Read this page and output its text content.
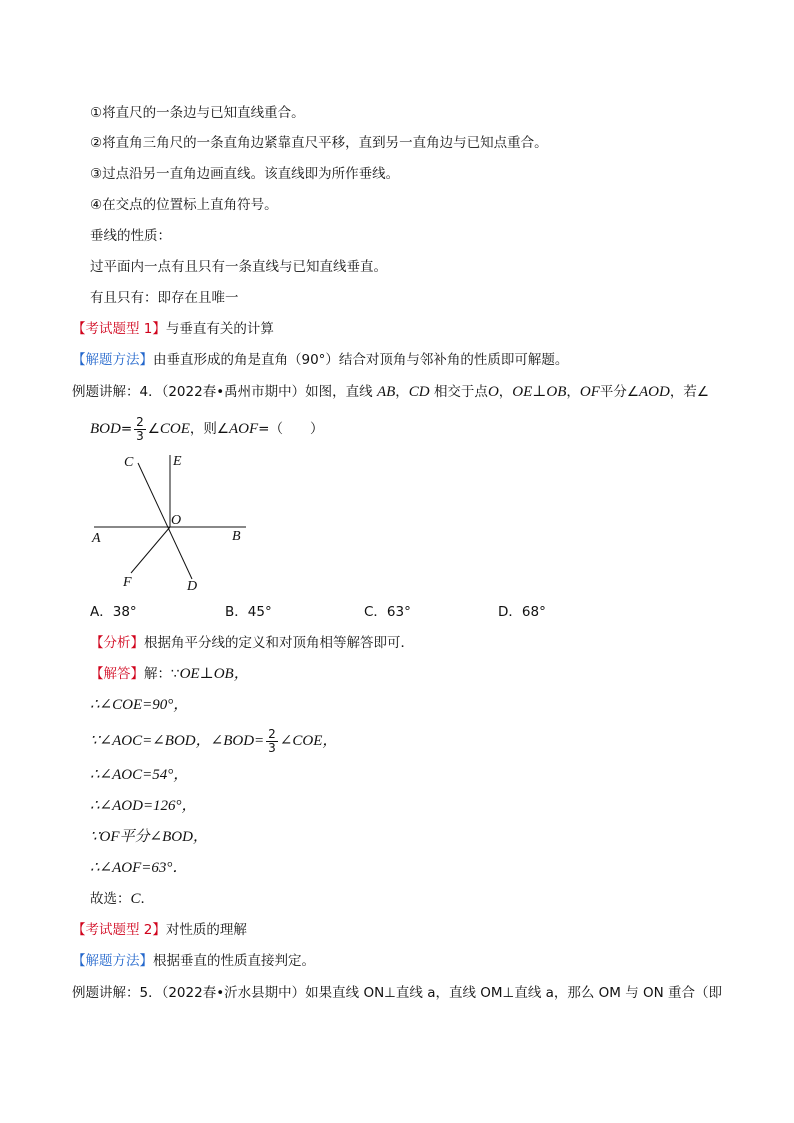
①将直尺的一条边与已知直线重合。
②将直角三角尺的一条直角边紧靠直尺平移，直到另一直角边与已知点重合。
③过点沿另一直角边画直线。该直线即为所作垂线。
④在交点的位置标上直角符号。
垂线的性质：
过平面内一点有且只有一条直线与已知直线垂直。
有且只有：即存在且唯一
【考试题型 1】与垂直有关的计算
【解题方法】由垂直形成的角是直角（90°）结合对顶角与邻补角的性质即可解题。
例题讲解：4．（2022春•禹州市期中）如图，直线 AB，CD 相交于点O，OE⊥OB，OF平分∠AOD，若∠
$BOD= \frac{2}{3}$ ∠COE，则∠AOF=（　　）
C	E
O
A	B
F	D
A．38°	B．45°	C．63°	D．68°
【分析】根据角平分线的定义和对顶角相等解答即可．
【解答】解：∵OE⊥OB，
∴∠COE=90°，
∵∠AOC=∠BOD，∠BOD= $\frac{2}{3}$ ∠COE，
∴∠AOC=54°，
∴∠AOD=126°，
∵OF平分∠BOD，
∴∠AOF=63°．
故选：C．
【考试题型 2】对性质的理解
【解题方法】根据垂直的性质直接判定。
例题讲解：5．（2022春•沂水县期中）如果直线 ON⊥直线 a，直线 OM⊥直线 a，那么 OM 与 ON 重合（即
